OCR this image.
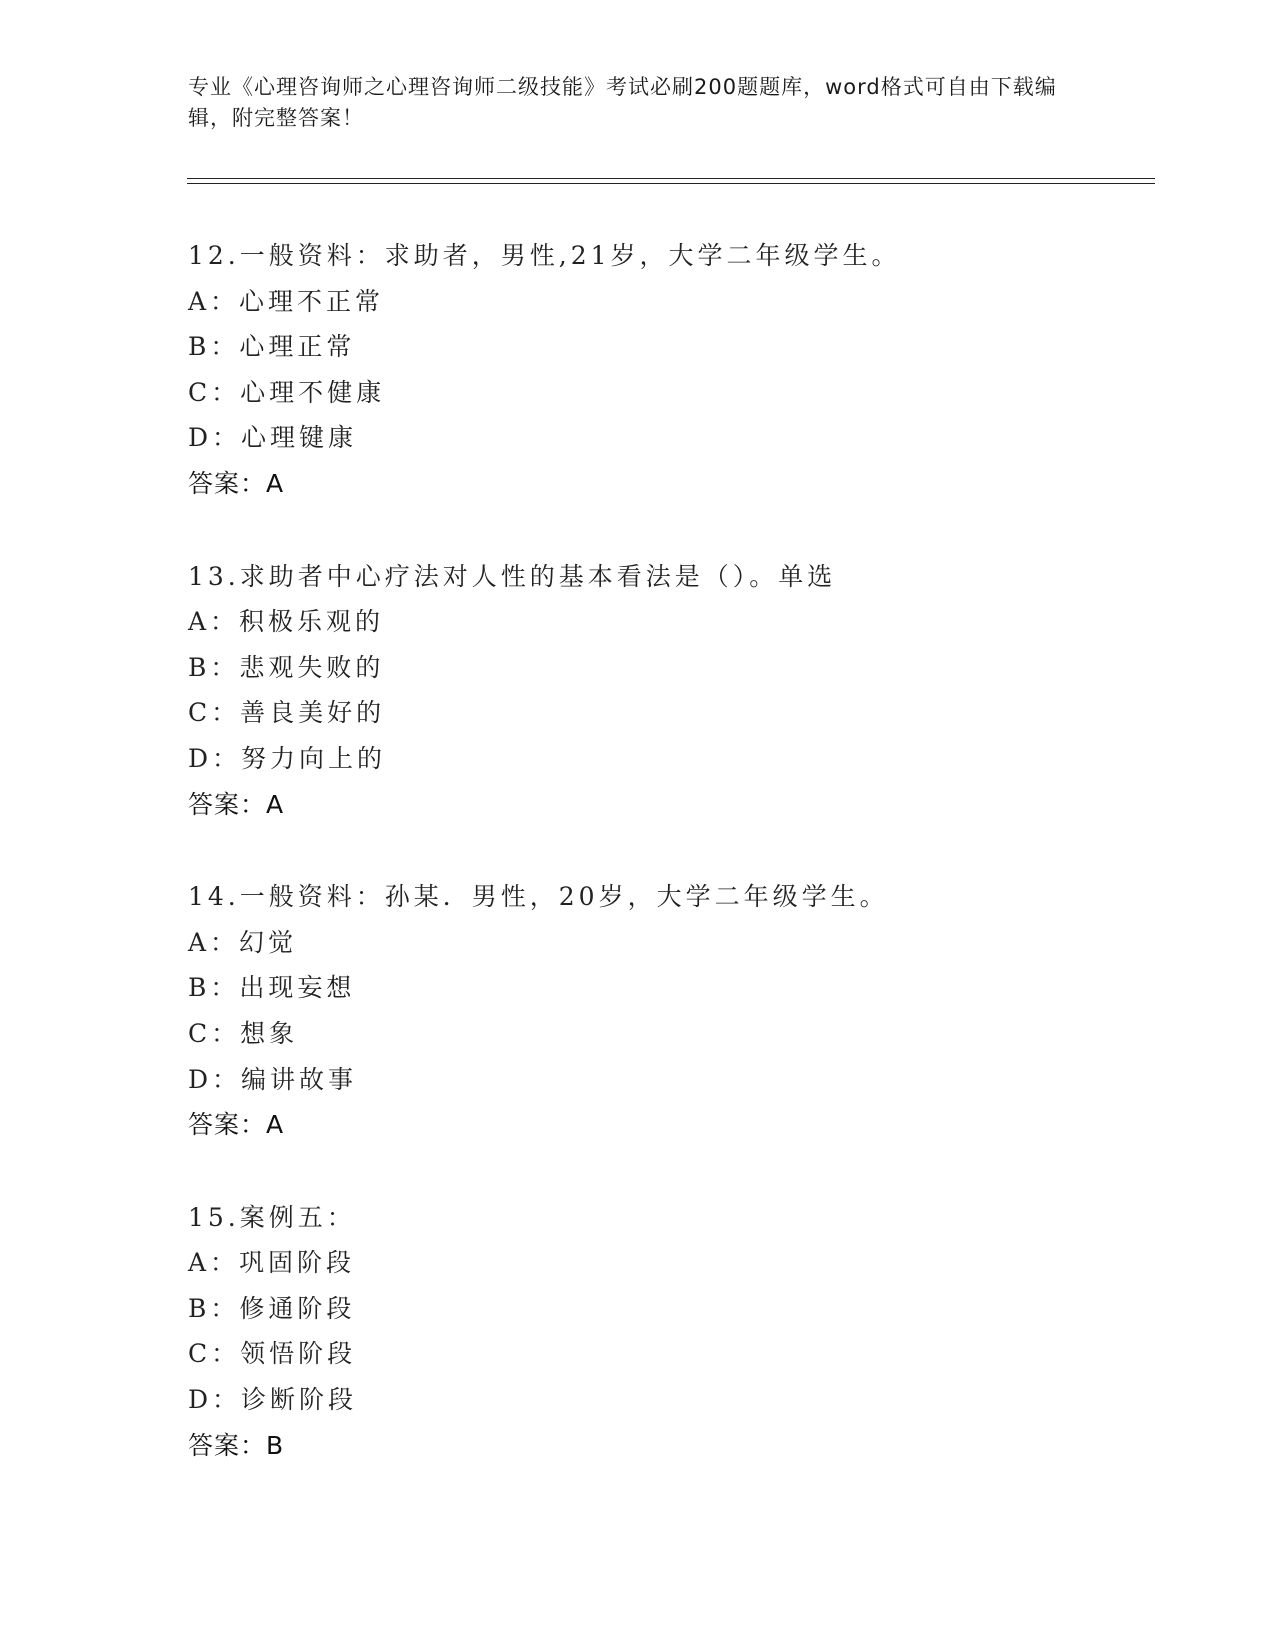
专业《心理咨询师之心理咨询师二级技能》考试必刷200题题库，word格式可自由下载编辑，附完整答案！
12.一般资料：求助者，男性,21岁，大学二年级学生。
A：心理不正常
B：心理正常
C：心理不健康
D：心理键康
答案：A
13.求助者中心疗法对人性的基本看法是（）。单选
A：积极乐观的
B：悲观失败的
C：善良美好的
D：努力向上的
答案：A
14.一般资料：孙某．男性，20岁，大学二年级学生。
A：幻觉
B：出现妄想
C：想象
D：编讲故事
答案：A
15.案例五：
A：巩固阶段
B：修通阶段
C：领悟阶段
D：诊断阶段
答案：B
